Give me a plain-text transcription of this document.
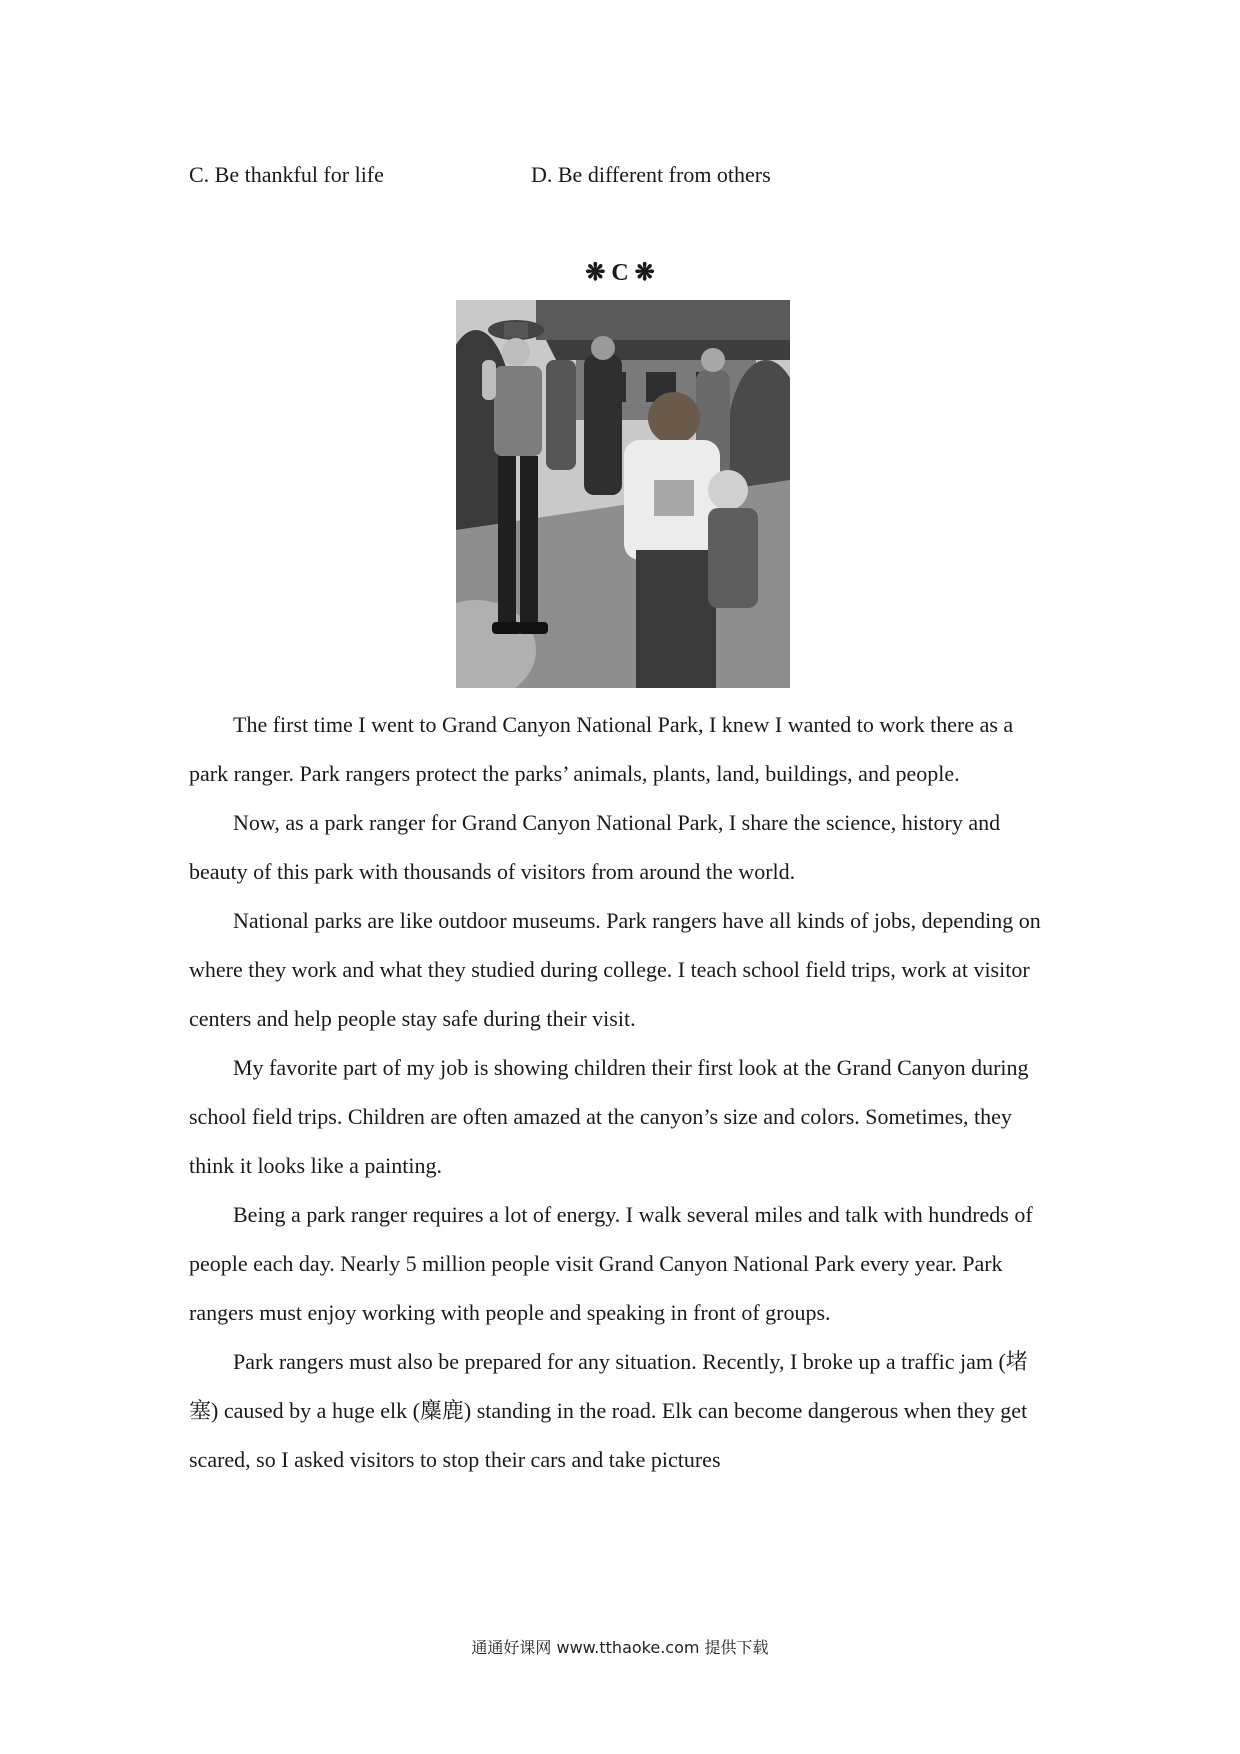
C. Be thankful for life	D. Be different from others
❋ C ❋

The first time I went to Grand Canyon National Park, I knew I wanted to work there as a park ranger. Park rangers protect the parks’ animals, plants, land, buildings, and people.

Now, as a park ranger for Grand Canyon National Park, I share the science, history and beauty of this park with thousands of visitors from around the world.

National parks are like outdoor museums. Park rangers have all kinds of jobs, depending on where they work and what they studied during college. I teach school field trips, work at visitor centers and help people stay safe during their visit.

My favorite part of my job is showing children their first look at the Grand Canyon during school field trips. Children are often amazed at the canyon’s size and colors. Sometimes, they think it looks like a painting.

Being a park ranger requires a lot of energy. I walk several miles and talk with hundreds of people each day. Nearly 5 million people visit Grand Canyon National Park every year. Park rangers must enjoy working with people and speaking in front of groups.

Park rangers must also be prepared for any situation. Recently, I broke up a traffic jam (堵塞) caused by a huge elk (麋鹿) standing in the road. Elk can become dangerous when they get scared, so I asked visitors to stop their cars and take pictures

通通好课网 www.tthaoke.com 提供下载
